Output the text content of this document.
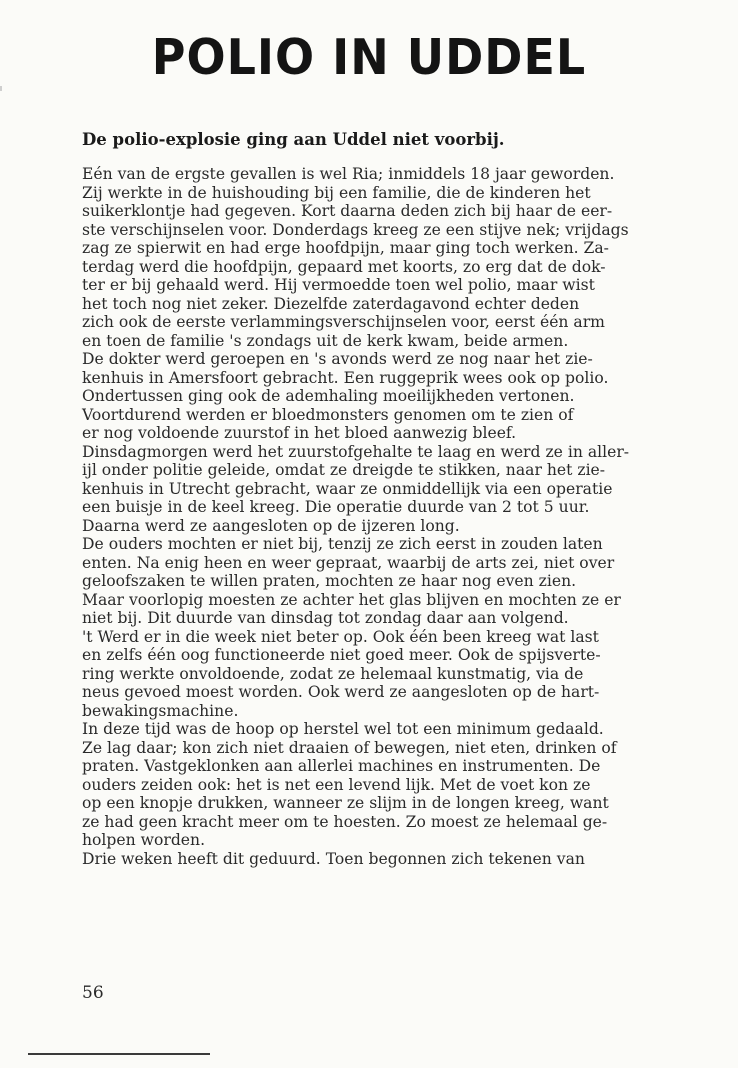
POLIO IN UDDEL

De polio-explosie ging aan Uddel niet voorbij.

Eén van de ergste gevallen is wel Ria; inmiddels 18 jaar geworden.
Zij werkte in de huishouding bij een familie, die de kinderen het
suikerklontje had gegeven. Kort daarna deden zich bij haar de eer-
ste verschijnselen voor. Donderdags kreeg ze een stijve nek; vrijdags
zag ze spierwit en had erge hoofdpijn, maar ging toch werken. Za-
terdag werd die hoofdpijn, gepaard met koorts, zo erg dat de dok-
ter er bij gehaald werd. Hij vermoedde toen wel polio, maar wist
het toch nog niet zeker. Diezelfde zaterdagavond echter deden
zich ook de eerste verlammingsverschijnselen voor, eerst één arm
en toen de familie 's zondags uit de kerk kwam, beide armen.
De dokter werd geroepen en 's avonds werd ze nog naar het zie-
kenhuis in Amersfoort gebracht. Een ruggeprik wees ook op polio.
Ondertussen ging ook de ademhaling moeilijkheden vertonen.
Voortdurend werden er bloedmonsters genomen om te zien of
er nog voldoende zuurstof in het bloed aanwezig bleef.
Dinsdagmorgen werd het zuurstofgehalte te laag en werd ze in aller-
ijl onder politie geleide, omdat ze dreigde te stikken, naar het zie-
kenhuis in Utrecht gebracht, waar ze onmiddellijk via een operatie
een buisje in de keel kreeg. Die operatie duurde van 2 tot 5 uur.
Daarna werd ze aangesloten op de ijzeren long.
De ouders mochten er niet bij, tenzij ze zich eerst in zouden laten
enten. Na enig heen en weer gepraat, waarbij de arts zei, niet over
geloofszaken te willen praten, mochten ze haar nog even zien.
Maar voorlopig moesten ze achter het glas blijven en mochten ze er
niet bij. Dit duurde van dinsdag tot zondag daar aan volgend.
't Werd er in die week niet beter op. Ook één been kreeg wat last
en zelfs één oog functioneerde niet goed meer. Ook de spijsverte-
ring werkte onvoldoende, zodat ze helemaal kunstmatig, via de
neus gevoed moest worden. Ook werd ze aangesloten op de hart-
bewakingsmachine.
In deze tijd was de hoop op herstel wel tot een minimum gedaald.
Ze lag daar; kon zich niet draaien of bewegen, niet eten, drinken of
praten. Vastgeklonken aan allerlei machines en instrumenten. De
ouders zeiden ook: het is net een levend lijk. Met de voet kon ze
op een knopje drukken, wanneer ze slijm in de longen kreeg, want
ze had geen kracht meer om te hoesten. Zo moest ze helemaal ge-
holpen worden.
Drie weken heeft dit geduurd. Toen begonnen zich tekenen van

56
